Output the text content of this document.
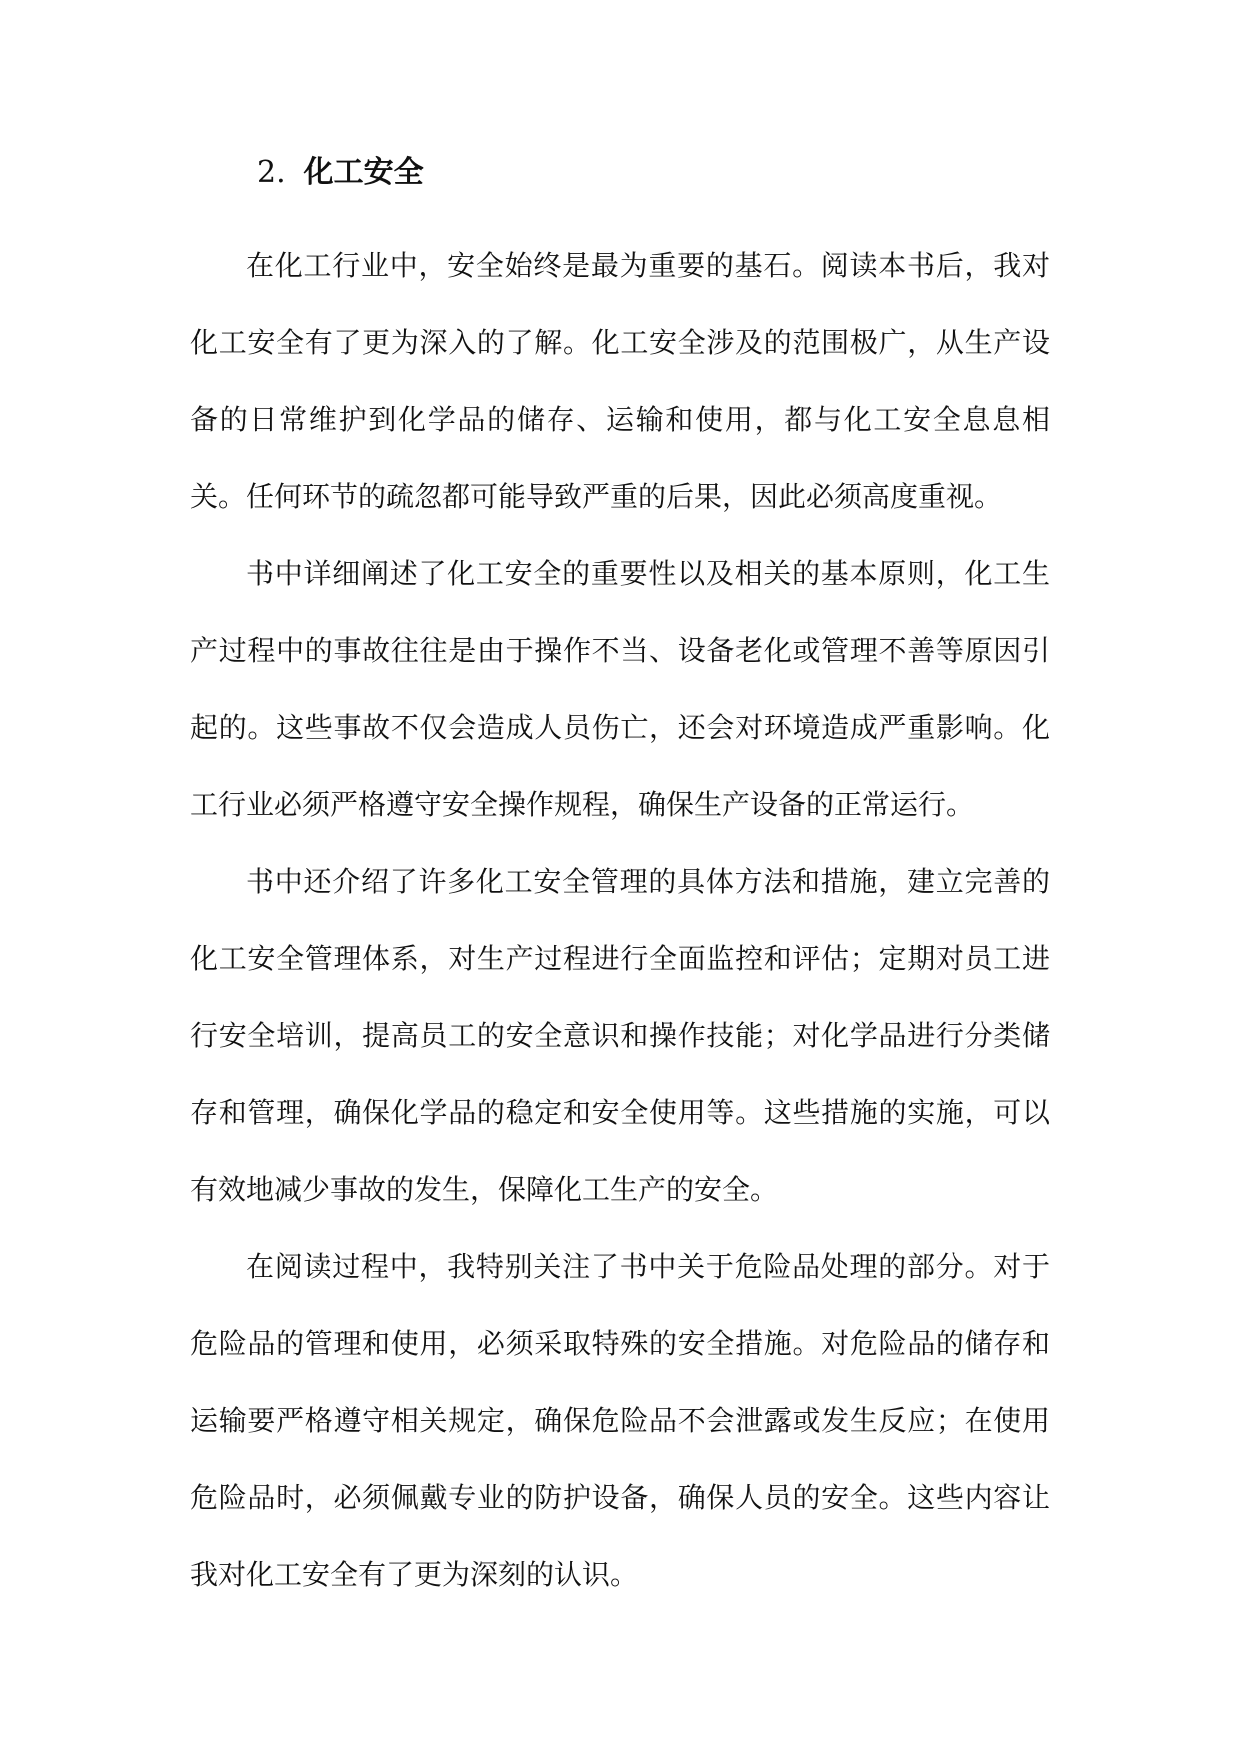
2. 化工安全

在化工行业中，安全始终是最为重要的基石。阅读本书后，我对化工安全有了更为深入的了解。化工安全涉及的范围极广，从生产设备的日常维护到化学品的储存、运输和使用，都与化工安全息息相关。任何环节的疏忽都可能导致严重的后果，因此必须高度重视。

书中详细阐述了化工安全的重要性以及相关的基本原则，化工生产过程中的事故往往是由于操作不当、设备老化或管理不善等原因引起的。这些事故不仅会造成人员伤亡，还会对环境造成严重影响。化工行业必须严格遵守安全操作规程，确保生产设备的正常运行。

书中还介绍了许多化工安全管理的具体方法和措施，建立完善的化工安全管理体系，对生产过程进行全面监控和评估；定期对员工进行安全培训，提高员工的安全意识和操作技能；对化学品进行分类储存和管理，确保化学品的稳定和安全使用等。这些措施的实施，可以有效地减少事故的发生，保障化工生产的安全。

在阅读过程中，我特别关注了书中关于危险品处理的部分。对于危险品的管理和使用，必须采取特殊的安全措施。对危险品的储存和运输要严格遵守相关规定，确保危险品不会泄露或发生反应；在使用危险品时，必须佩戴专业的防护设备，确保人员的安全。这些内容让我对化工安全有了更为深刻的认识。
